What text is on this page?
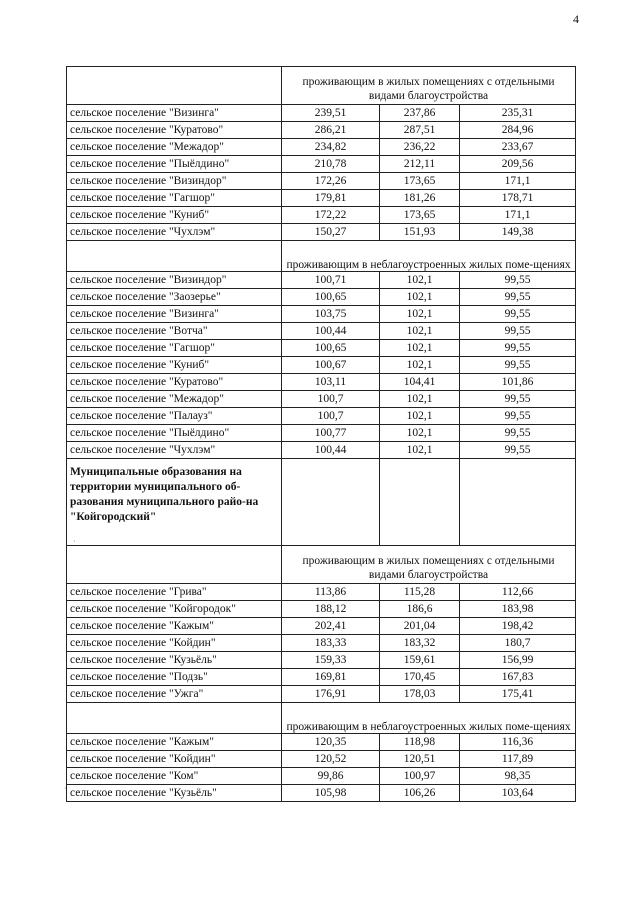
4
	проживающим в жилых помещениях с отдельными видами благоустройства		
сельское поселение "Визинга"	239,51	237,86	235,31
сельское поселение "Куратово"	286,21	287,51	284,96
сельское поселение "Межадор"	234,82	236,22	233,67
сельское поселение "Пыёлдино"	210,78	212,11	209,56
сельское поселение "Визиндор"	172,26	173,65	171,1
сельское поселение "Гагшор"	179,81	181,26	178,71
сельское поселение "Куниб"	172,22	173,65	171,1
сельское поселение "Чухлэм"	150,27	151,93	149,38
	проживающим в неблагоустроенных жилых поме-щениях		
сельское поселение "Визиндор"	100,71	102,1	99,55
сельское поселение "Заозерье"	100,65	102,1	99,55
сельское поселение "Визинга"	103,75	102,1	99,55
сельское поселение "Вотча"	100,44	102,1	99,55
сельское поселение "Гагшор"	100,65	102,1	99,55
сельское поселение "Куниб"	100,67	102,1	99,55
сельское поселение "Куратово"	103,11	104,41	101,86
сельское поселение "Межадор"	100,7	102,1	99,55
сельское поселение "Палауз"	100,7	102,1	99,55
сельское поселение "Пыёлдино"	100,77	102,1	99,55
сельское поселение "Чухлэм"	100,44	102,1	99,55
Муниципальные образования на территории муниципального об-разования муниципального райо-на "Койгородский"			
	проживающим в жилых помещениях с отдельными видами благоустройства		
сельское поселение "Грива"	113,86	115,28	112,66
сельское поселение "Койгородок"	188,12	186,6	183,98
сельское поселение "Кажым"	202,41	201,04	198,42
сельское поселение "Койдин"	183,33	183,32	180,7
сельское поселение "Кузьёль"	159,33	159,61	156,99
сельское поселение "Подзь"	169,81	170,45	167,83
сельское поселение "Ужга"	176,91	178,03	175,41
	проживающим в неблагоустроенных жилых поме-щениях		
сельское поселение "Кажым"	120,35	118,98	116,36
сельское поселение "Койдин"	120,52	120,51	117,89
сельское поселение "Ком"	99,86	100,97	98,35
сельское поселение "Кузьёль"	105,98	106,26	103,64
·
·
